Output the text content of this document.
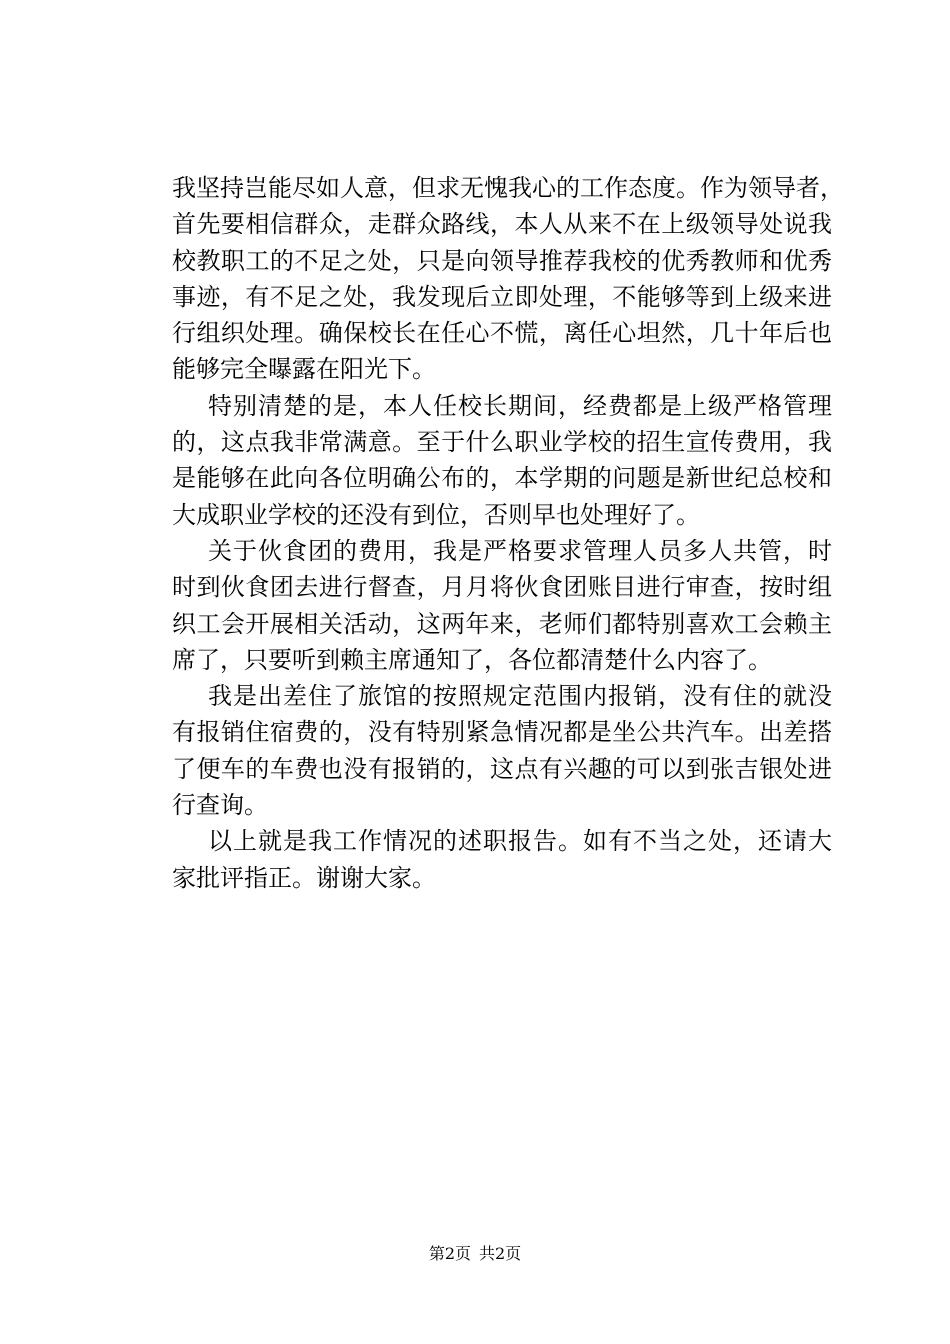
我坚持岂能尽如人意，但求无愧我心的工作态度。作为领导者，
首先要相信群众，走群众路线，本人从来不在上级领导处说我
校教职工的不足之处，只是向领导推荐我校的优秀教师和优秀
事迹，有不足之处，我发现后立即处理，不能够等到上级来进
行组织处理。确保校长在任心不慌，离任心坦然，几十年后也
能够完全曝露在阳光下。
特别清楚的是，本人任校长期间，经费都是上级严格管理
的，这点我非常满意。至于什么职业学校的招生宣传费用，我
是能够在此向各位明确公布的，本学期的问题是新世纪总校和
大成职业学校的还没有到位，否则早也处理好了。
关于伙食团的费用，我是严格要求管理人员多人共管，时
时到伙食团去进行督查，月月将伙食团账目进行审查，按时组
织工会开展相关活动，这两年来，老师们都特别喜欢工会赖主
席了，只要听到赖主席通知了，各位都清楚什么内容了。
我是出差住了旅馆的按照规定范围内报销，没有住的就没
有报销住宿费的，没有特别紧急情况都是坐公共汽车。出差搭
了便车的车费也没有报销的，这点有兴趣的可以到张吉银处进
行查询。
以上就是我工作情况的述职报告。如有不当之处，还请大
家批评指正。谢谢大家。
第2页 共2页
